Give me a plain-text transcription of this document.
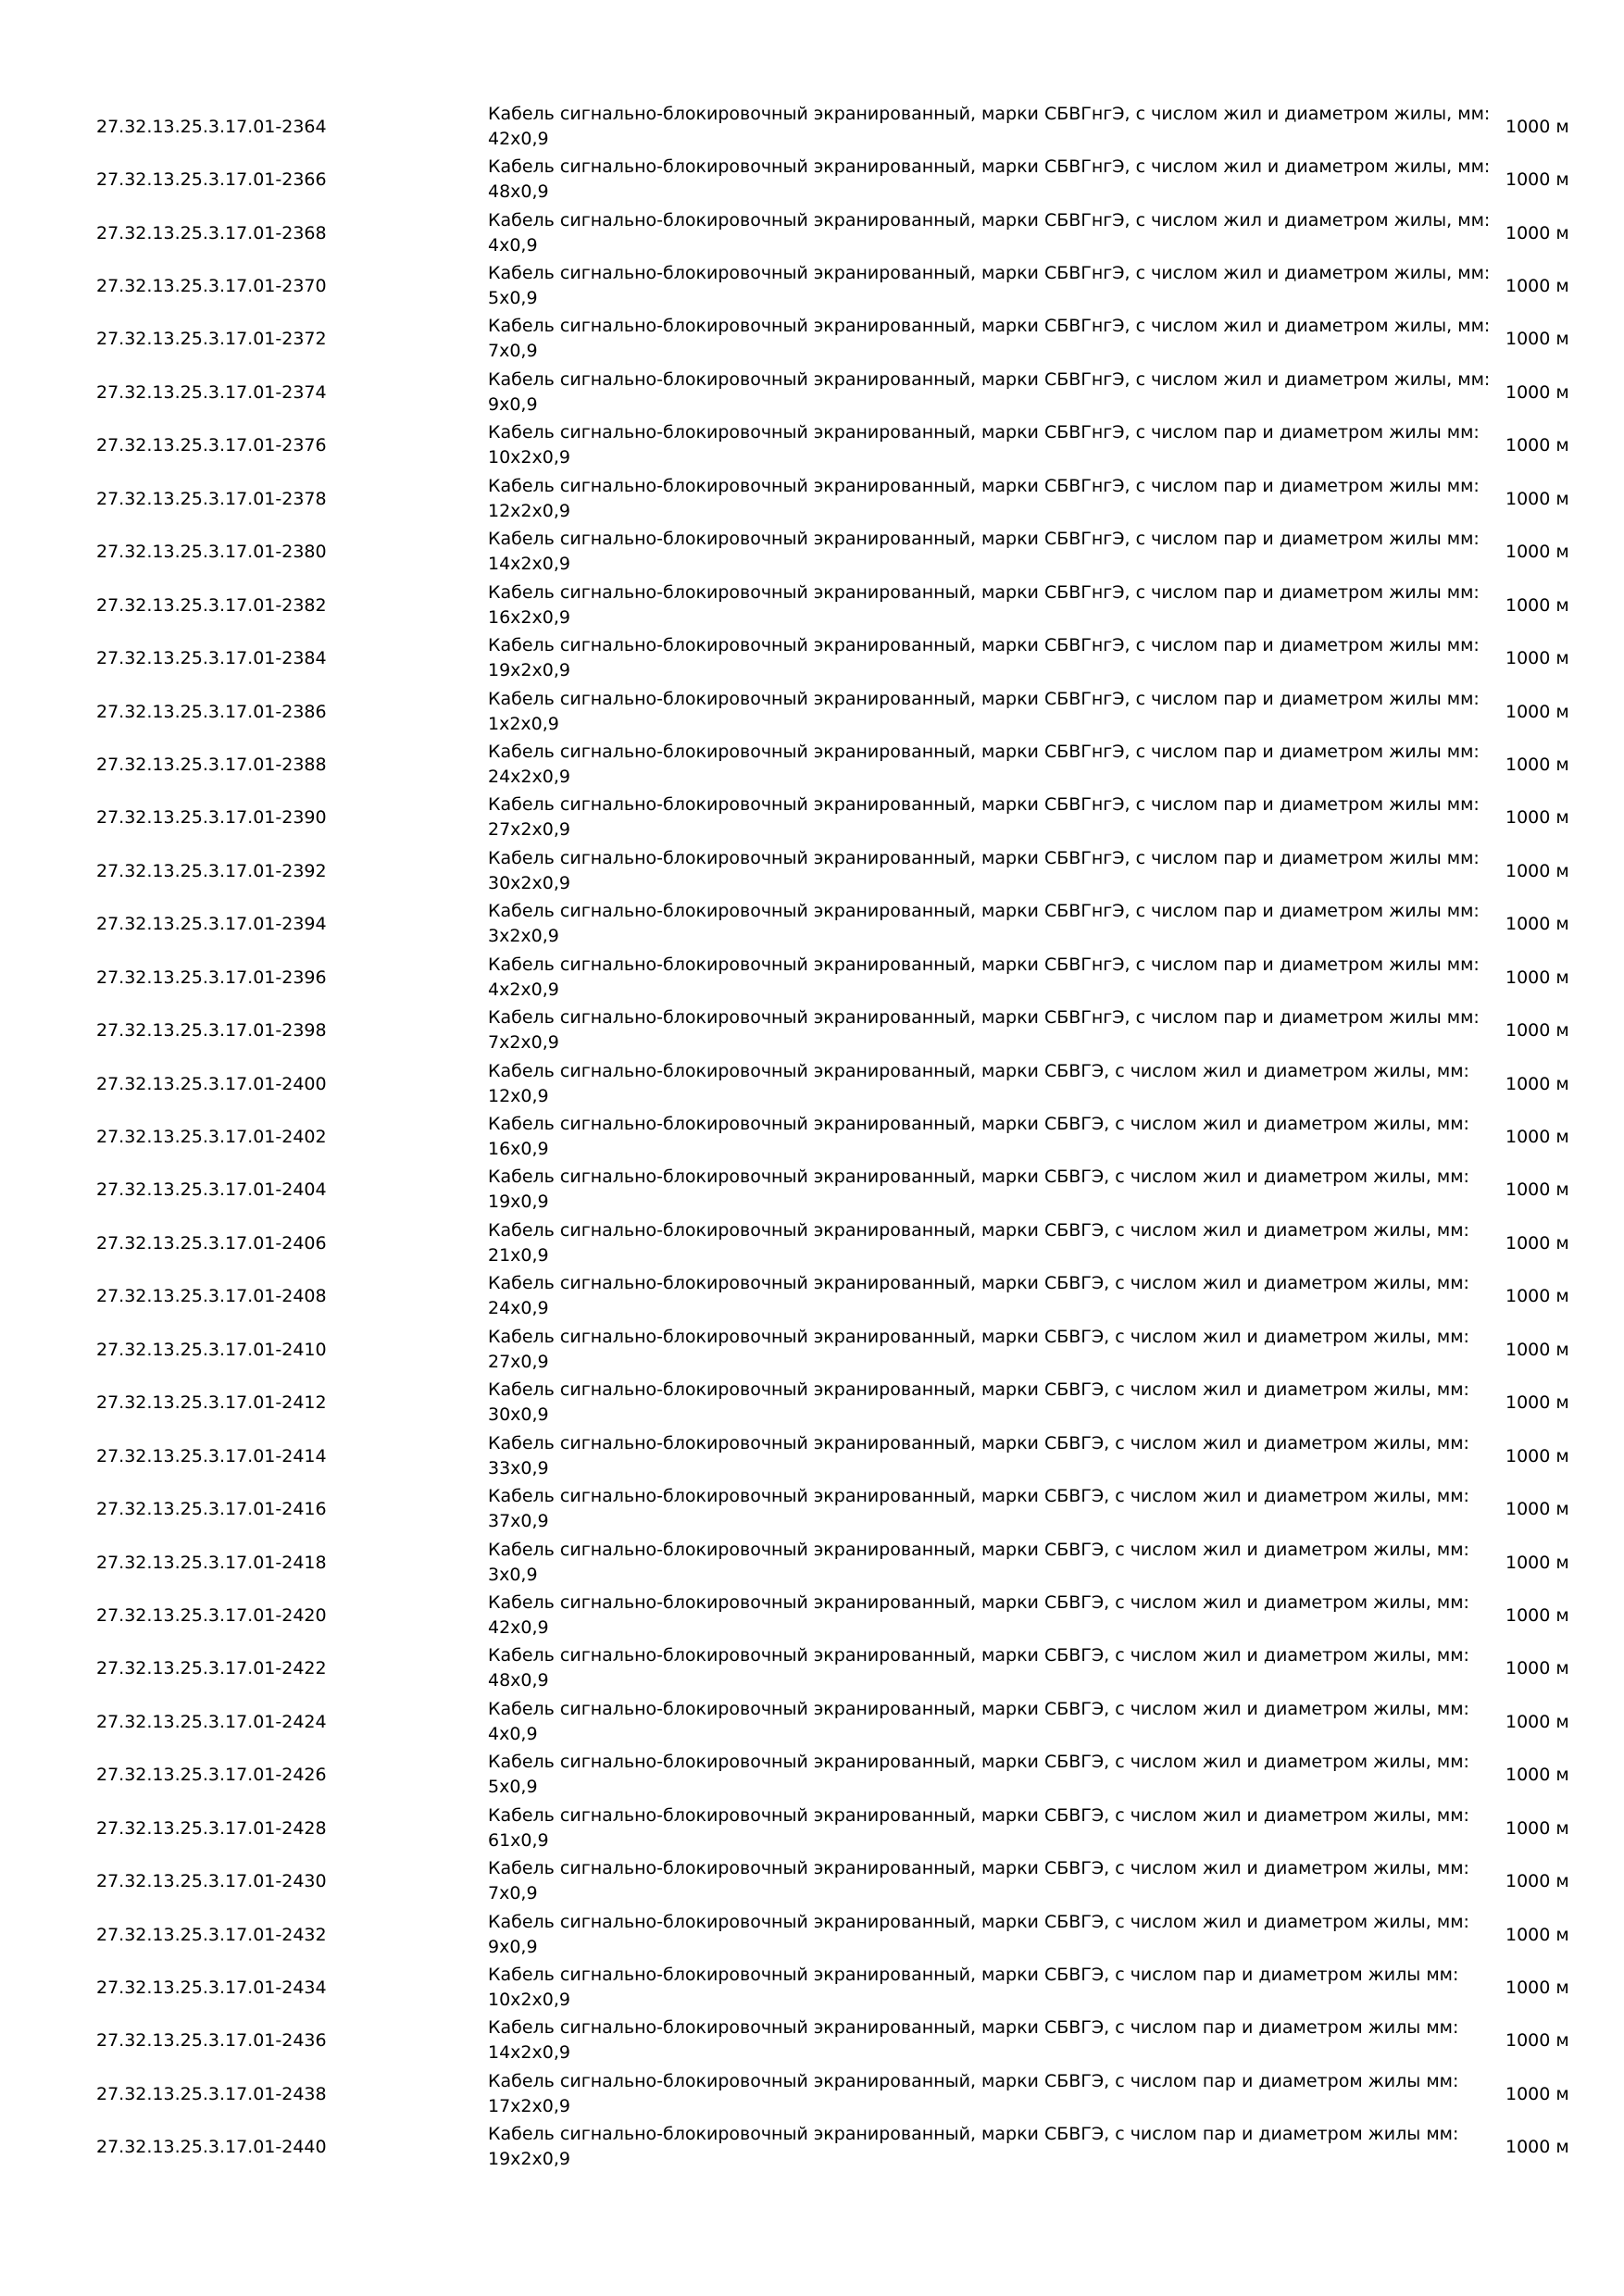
27.32.13.25.3.17.01-2364	Кабель сигнально-блокировочный экранированный, марки СБВГнгЭ, с числом жил и диаметром жилы, мм: 42х0,9	1000 м
27.32.13.25.3.17.01-2366	Кабель сигнально-блокировочный экранированный, марки СБВГнгЭ, с числом жил и диаметром жилы, мм: 48х0,9	1000 м
27.32.13.25.3.17.01-2368	Кабель сигнально-блокировочный экранированный, марки СБВГнгЭ, с числом жил и диаметром жилы, мм: 4х0,9	1000 м
27.32.13.25.3.17.01-2370	Кабель сигнально-блокировочный экранированный, марки СБВГнгЭ, с числом жил и диаметром жилы, мм: 5х0,9	1000 м
27.32.13.25.3.17.01-2372	Кабель сигнально-блокировочный экранированный, марки СБВГнгЭ, с числом жил и диаметром жилы, мм: 7х0,9	1000 м
27.32.13.25.3.17.01-2374	Кабель сигнально-блокировочный экранированный, марки СБВГнгЭ, с числом жил и диаметром жилы, мм: 9х0,9	1000 м
27.32.13.25.3.17.01-2376	Кабель сигнально-блокировочный экранированный, марки СБВГнгЭ, с числом пар и диаметром жилы мм: 10х2х0,9	1000 м
27.32.13.25.3.17.01-2378	Кабель сигнально-блокировочный экранированный, марки СБВГнгЭ, с числом пар и диаметром жилы мм: 12х2х0,9	1000 м
27.32.13.25.3.17.01-2380	Кабель сигнально-блокировочный экранированный, марки СБВГнгЭ, с числом пар и диаметром жилы мм: 14х2х0,9	1000 м
27.32.13.25.3.17.01-2382	Кабель сигнально-блокировочный экранированный, марки СБВГнгЭ, с числом пар и диаметром жилы мм: 16х2х0,9	1000 м
27.32.13.25.3.17.01-2384	Кабель сигнально-блокировочный экранированный, марки СБВГнгЭ, с числом пар и диаметром жилы мм: 19х2х0,9	1000 м
27.32.13.25.3.17.01-2386	Кабель сигнально-блокировочный экранированный, марки СБВГнгЭ, с числом пар и диаметром жилы мм: 1х2х0,9	1000 м
27.32.13.25.3.17.01-2388	Кабель сигнально-блокировочный экранированный, марки СБВГнгЭ, с числом пар и диаметром жилы мм: 24х2х0,9	1000 м
27.32.13.25.3.17.01-2390	Кабель сигнально-блокировочный экранированный, марки СБВГнгЭ, с числом пар и диаметром жилы мм: 27х2х0,9	1000 м
27.32.13.25.3.17.01-2392	Кабель сигнально-блокировочный экранированный, марки СБВГнгЭ, с числом пар и диаметром жилы мм: 30х2х0,9	1000 м
27.32.13.25.3.17.01-2394	Кабель сигнально-блокировочный экранированный, марки СБВГнгЭ, с числом пар и диаметром жилы мм: 3х2х0,9	1000 м
27.32.13.25.3.17.01-2396	Кабель сигнально-блокировочный экранированный, марки СБВГнгЭ, с числом пар и диаметром жилы мм: 4х2х0,9	1000 м
27.32.13.25.3.17.01-2398	Кабель сигнально-блокировочный экранированный, марки СБВГнгЭ, с числом пар и диаметром жилы мм: 7х2х0,9	1000 м
27.32.13.25.3.17.01-2400	Кабель сигнально-блокировочный экранированный, марки СБВГЭ, с числом жил и диаметром жилы, мм: 12х0,9	1000 м
27.32.13.25.3.17.01-2402	Кабель сигнально-блокировочный экранированный, марки СБВГЭ, с числом жил и диаметром жилы, мм: 16х0,9	1000 м
27.32.13.25.3.17.01-2404	Кабель сигнально-блокировочный экранированный, марки СБВГЭ, с числом жил и диаметром жилы, мм: 19х0,9	1000 м
27.32.13.25.3.17.01-2406	Кабель сигнально-блокировочный экранированный, марки СБВГЭ, с числом жил и диаметром жилы, мм: 21х0,9	1000 м
27.32.13.25.3.17.01-2408	Кабель сигнально-блокировочный экранированный, марки СБВГЭ, с числом жил и диаметром жилы, мм: 24х0,9	1000 м
27.32.13.25.3.17.01-2410	Кабель сигнально-блокировочный экранированный, марки СБВГЭ, с числом жил и диаметром жилы, мм: 27х0,9	1000 м
27.32.13.25.3.17.01-2412	Кабель сигнально-блокировочный экранированный, марки СБВГЭ, с числом жил и диаметром жилы, мм: 30х0,9	1000 м
27.32.13.25.3.17.01-2414	Кабель сигнально-блокировочный экранированный, марки СБВГЭ, с числом жил и диаметром жилы, мм: 33х0,9	1000 м
27.32.13.25.3.17.01-2416	Кабель сигнально-блокировочный экранированный, марки СБВГЭ, с числом жил и диаметром жилы, мм: 37х0,9	1000 м
27.32.13.25.3.17.01-2418	Кабель сигнально-блокировочный экранированный, марки СБВГЭ, с числом жил и диаметром жилы, мм: 3х0,9	1000 м
27.32.13.25.3.17.01-2420	Кабель сигнально-блокировочный экранированный, марки СБВГЭ, с числом жил и диаметром жилы, мм: 42х0,9	1000 м
27.32.13.25.3.17.01-2422	Кабель сигнально-блокировочный экранированный, марки СБВГЭ, с числом жил и диаметром жилы, мм: 48х0,9	1000 м
27.32.13.25.3.17.01-2424	Кабель сигнально-блокировочный экранированный, марки СБВГЭ, с числом жил и диаметром жилы, мм: 4х0,9	1000 м
27.32.13.25.3.17.01-2426	Кабель сигнально-блокировочный экранированный, марки СБВГЭ, с числом жил и диаметром жилы, мм: 5х0,9	1000 м
27.32.13.25.3.17.01-2428	Кабель сигнально-блокировочный экранированный, марки СБВГЭ, с числом жил и диаметром жилы, мм: 61х0,9	1000 м
27.32.13.25.3.17.01-2430	Кабель сигнально-блокировочный экранированный, марки СБВГЭ, с числом жил и диаметром жилы, мм: 7х0,9	1000 м
27.32.13.25.3.17.01-2432	Кабель сигнально-блокировочный экранированный, марки СБВГЭ, с числом жил и диаметром жилы, мм: 9х0,9	1000 м
27.32.13.25.3.17.01-2434	Кабель сигнально-блокировочный экранированный, марки СБВГЭ, с числом пар и диаметром жилы мм: 10х2х0,9	1000 м
27.32.13.25.3.17.01-2436	Кабель сигнально-блокировочный экранированный, марки СБВГЭ, с числом пар и диаметром жилы мм: 14х2х0,9	1000 м
27.32.13.25.3.17.01-2438	Кабель сигнально-блокировочный экранированный, марки СБВГЭ, с числом пар и диаметром жилы мм: 17х2х0,9	1000 м
27.32.13.25.3.17.01-2440	Кабель сигнально-блокировочный экранированный, марки СБВГЭ, с числом пар и диаметром жилы мм: 19х2х0,9	1000 м
